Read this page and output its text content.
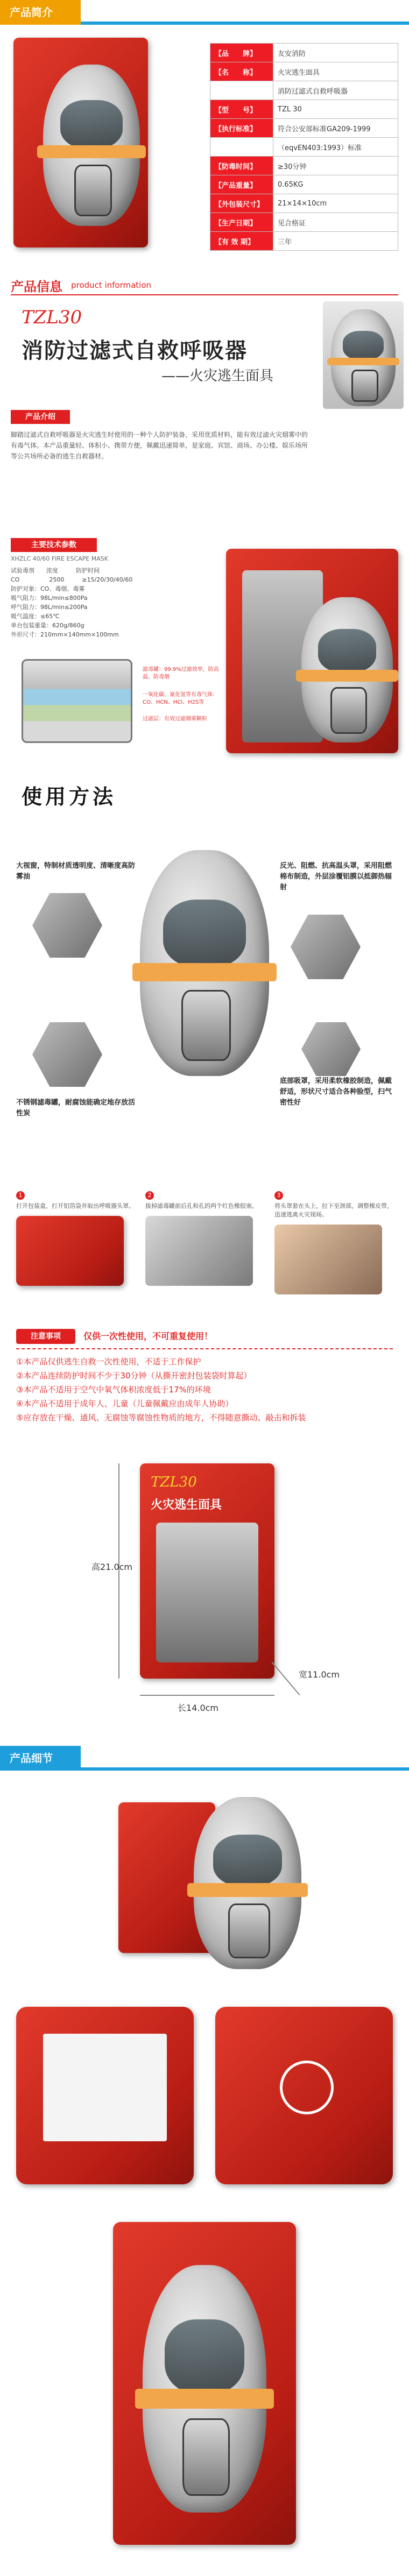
产品简介
【品　　牌】	友安消防
【名　　称】	火灾逃生面具
	消防过滤式自救呼吸器
【型　　号】	TZL 30
【执行标准】	符合公安部标准GA209-1999
	（eqvEN403:1993）标准
【防毒时间】	≥30分钟
【产品重量】	0.65KG
【外包装尺寸】	21×14×10cm
【生产日期】	见合格证
【有 效 期】	三年
产品信息 product information
TZL30
消防过滤式自救呼吸器
——火灾逃生面具
产品介绍
脚踏过滤式自救呼吸器是火灾逃生时使用的一种个人防护装备，采用优质材料，能有效过滤火灾烟雾中的有毒气体。本产品重量轻、体积小、携带方便，佩戴迅速简单，是家庭、宾馆、商场、办公楼、娱乐场所等公共场所必备的逃生自救器材。
主要技术参数
XHZLC 40/60 FIRE ESCAPE MASK
试验毒剂　　浓度　　　防护时间
CO　　　　　2500　　　≥15/20/30/40/60
防护对象：CO、毒烟、毒雾
吸气阻力：98L/min≤800Pa
呼气阻力：98L/min≤200Pa
吸气温度：≤65℃
单台包装重量：620g/860g
外形尺寸：210mm×140mm×100mm
滤毒罐：99.9%过滤效率，防高温、防毒烟
一氧化碳、氰化氢等有毒气体：CO、HCN、HCl、H2S等
过滤层：有效过滤烟雾颗粒
使用方法
大视窗，特制材质透明度、清晰度高防雾油
反光、阻燃、抗高温头罩，采用阻燃棉布制造，外层涂覆铝膜以抵御热辐射
不锈钢滤毒罐，耐腐蚀能确定地存放活性炭
底部吸罩，采用柔软橡胶制造，佩戴舒适，形状尺寸适合各种脸型，扫气密性好
1
打开包装盒，打开铝箔袋并取出呼吸器头罩。
2
拔掉滤毒罐前后孔和孔的两个红色橡胶塞。
3
将头罩套在头上，拉下至颈部，调整橡皮带，迅速逃离火灾现场。
注意事项	仅供一次性使用，不可重复使用！
①本产品仅供逃生自救一次性使用，不适于工作保护
②本产品连续防护时间不少于30分钟（从撕开密封包装袋时算起）
③本产品不适用于空气中氧气体积浓度低于17%的环境
④本产品不适用于成年人、儿童（儿童佩戴应由成年人协助）
⑤应存放在干燥、通风、无腐蚀等腐蚀性物质的地方，不得随意撕动、敲击和拆装
TZL30
火灾逃生面具
高21.0cm
长14.0cm
宽11.0cm
产品细节
